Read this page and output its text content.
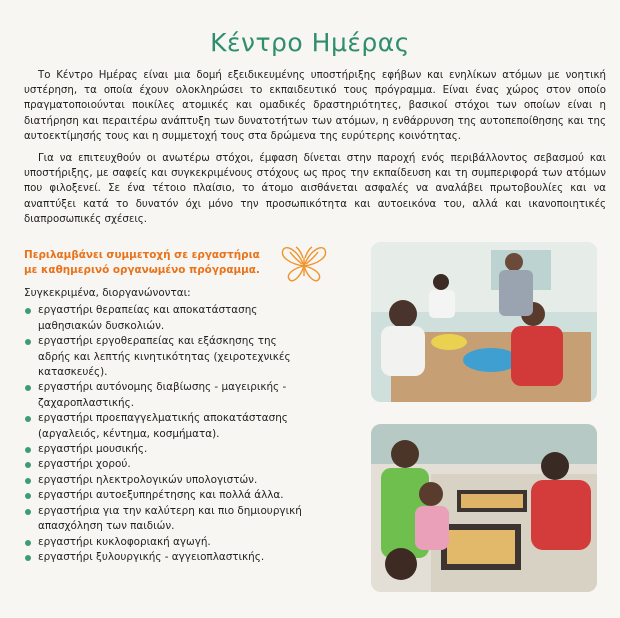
Κέντρο Ημέρας

Το Κέντρο Ημέρας είναι μια δομή εξειδικευμένης υποστήριξης εφήβων και ενηλίκων ατόμων με νοητική υστέρηση, τα οποία έχουν ολοκληρώσει το εκπαιδευτικό τους πρόγραμμα. Είναι ένας χώρος στον οποίο πραγματοποιούνται ποικίλες ατομικές και ομαδικές δραστηριότητες, βασικοί στόχοι των οποίων είναι η διατήρηση και περαιτέρω ανάπτυξη των δυνατοτήτων των ατόμων, η ενθάρρυνση της αυτοπεποίθησης και της αυτοεκτίμησής τους και η συμμετοχή τους στα δρώμενα της ευρύτερης κοινότητας.

Για να επιτευχθούν οι ανωτέρω στόχοι, έμφαση δίνεται στην παροχή ενός περιβάλλοντος σεβασμού και υποστήριξης, με σαφείς και συγκεκριμένους στόχους ως προς την εκπαίδευση και τη συμπεριφορά των ατόμων που φιλοξενεί. Σε ένα τέτοιο πλαίσιο, το άτομο αισθάνεται ασφαλές να αναλάβει πρωτοβουλίες και να αναπτύξει κατά το δυνατόν όχι μόνο την προσωπικότητα και αυτοεικόνα του, αλλά και ικανοποιητικές διαπροσωπικές σχέσεις.

Περιλαμβάνει συμμετοχή σε εργαστήρια
με καθημερινό οργανωμένο πρόγραμμα.
Συγκεκριμένα, διοργανώνονται:
εργαστήρι θεραπείας και αποκατάστασης
μαθησιακών δυσκολιών.
εργαστήρι εργοθεραπείας και εξάσκησης της
αδρής και λεπτής κινητικότητας (χειροτεχνικές
κατασκευές).
εργαστήρι αυτόνομης διαβίωσης - μαγειρικής -
ζαχαροπλαστικής.
εργαστήρι προεπαγγελματικής αποκατάστασης
(αργαλειός, κέντημα, κοσμήματα).
εργαστήρι μουσικής.
εργαστήρι χορού.
εργαστήρι ηλεκτρολογικών υπολογιστών.
εργαστήρι αυτοεξυπηρέτησης και πολλά άλλα.
εργαστήρια για την καλύτερη και πιο δημιουργική
απασχόληση των παιδιών.
εργαστήρι κυκλοφοριακή αγωγή.
εργαστήρι ξυλουργικής - αγγειοπλαστικής.
